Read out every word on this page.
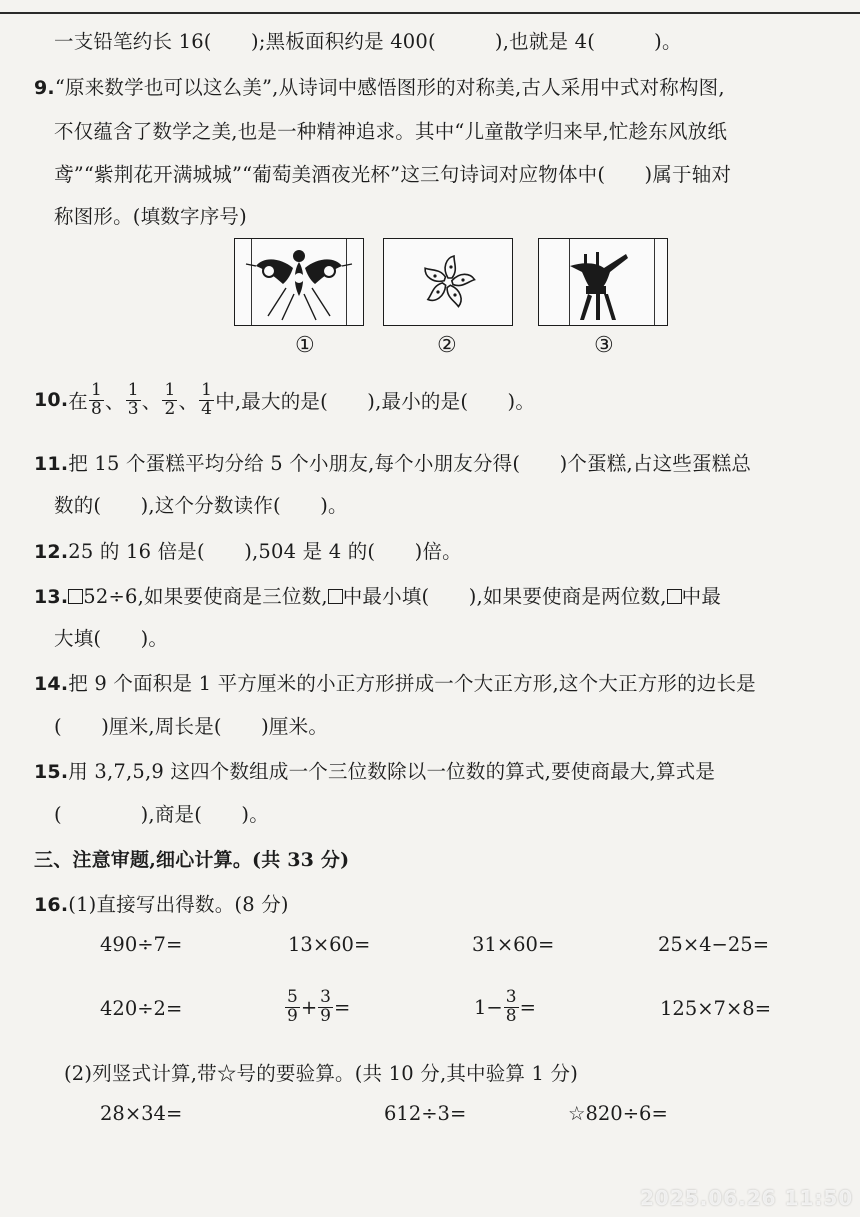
一支铅笔约长 16(　　);黑板面积约是 400(　　　),也就是 4(　　　)。
9.“原来数学也可以这么美”,从诗词中感悟图形的对称美,古人采用中式对称构图,
不仅蕴含了数学之美,也是一种精神追求。其中“儿童散学归来早,忙趁东风放纸
鸢”“紫荆花开满城城”“葡萄美酒夜光杯”这三句诗词对应物体中(　　)属于轴对
称图形。(填数字序号)
①	②	③
10. 在 $\frac{1}{8}$ 、 $\frac{1}{3}$ 、 $\frac{1}{2}$ 、 $\frac{1}{4}$ 中,最大的是(　　),最小的是(　　)。
11.把 15 个蛋糕平均分给 5 个小朋友,每个小朋友分得(　　)个蛋糕,占这些蛋糕总
数的(　　),这个分数读作(　　)。
12.25 的 16 倍是(　　),504 是 4 的(　　)倍。
13. 52÷6,如果要使商是三位数, 中最小填(　　),如果要使商是两位数, 中最
大填(　　)。
14.把 9 个面积是 1 平方厘米的小正方形拼成一个大正方形,这个大正方形的边长是
(　　)厘米,周长是(　　)厘米。
15.用 3,7,5,9 这四个数组成一个三位数除以一位数的算式,要使商最大,算式是
(　　　　),商是(　　)。
三、注意审题,细心计算。(共 33 分)
16.(1)直接写出得数。(8 分)
490÷7=	13×60=	31×60=	25×4−25=
420÷2=	$\frac{5}{9} + \frac{3}{9}$ =	$1- \frac{3}{8}$ =	125×7×8=
(2)列竖式计算,带☆号的要验算。(共 10 分,其中验算 1 分)
28×34=	612÷3=	☆820÷6=
2025.06.26 11:50
